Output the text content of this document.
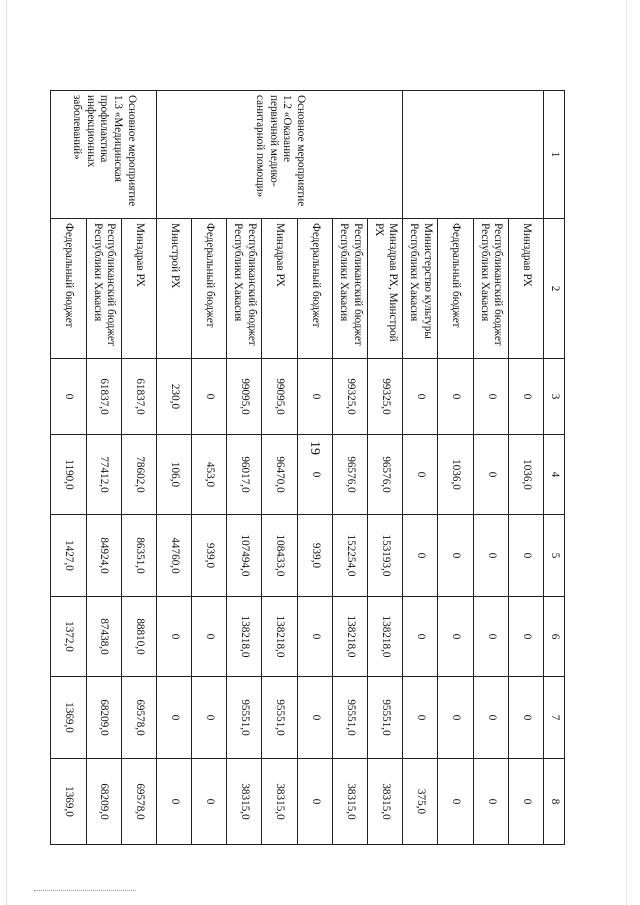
19
1	2	3	4	5	6	7	8
	Минздрав РХ	0	1036,0	0	0	0	0
	Республиканский бюджет Республики Хакасия	0	0	0	0	0	0
	Федеральный бюджет	0	1036,0	0	0	0	0
	Министерство культуры Республики Хакасия	0	0	0	0	0	375,0
Основное мероприятие 1.2 «Оказание первичной медико-санитарной помощи»	Минздрав РХ, Минстрой РХ	99325,0	96576,0	153193,0	138218,0	95551,0	38315,0
	Республиканский бюджет Республики Хакасия	99325,0	96576,0	152254,0	138218,0	95551,0	38315,0
	Федеральный бюджет	0	0	939,0	0	0	0
	Минздрав РХ	99095,0	96470,0	108433,0	138218,0	95551,0	38315,0
	Республиканский бюджет Республики Хакасия	99095,0	96017,0	107494,0	138218,0	95551,0	38315,0
	Федеральный бюджет	0	453,0	939,0	0	0	0
	Минстрой РХ	230,0	106,0	44760,0	0	0	0
Основное мероприятие 1.3 «Медицинская профилактика инфекционных заболеваний»	Минздрав РХ	61837,0	78602,0	86351,0	88810,0	69578,0	69578,0
	Республиканский бюджет Республики Хакасия	61837,0	77412,0	84924,0	87438,0	68209,0	68209,0
	Федеральный бюджет	0	1190,0	1427,0	1372,0	1369,0	1369,0
